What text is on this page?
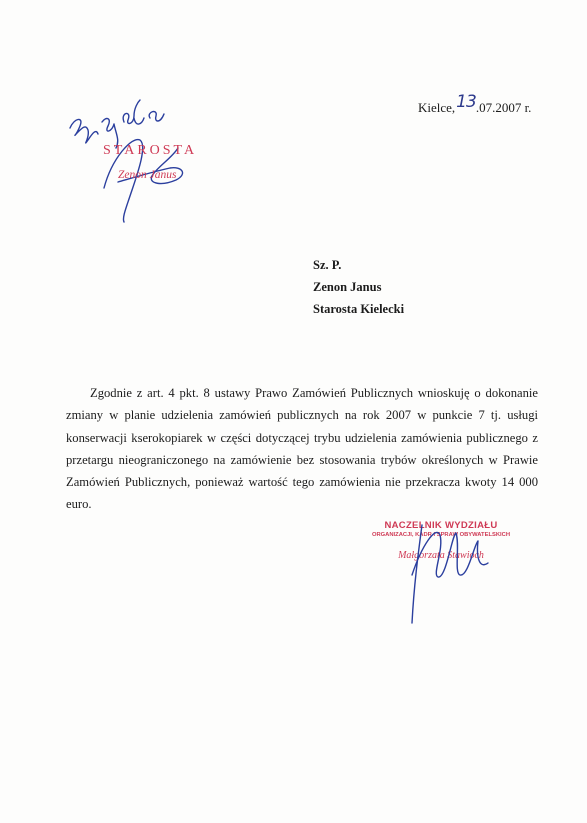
STAROSTA
Zenon Janus
Kielce,13.07.2007 r.
Sz. P.
Zenon Janus
Starosta Kielecki

Zgodnie z art. 4 pkt. 8 ustawy Prawo Zamówień Publicznych wnioskuję o dokonanie zmiany w planie udzielenia zamówień publicznych na rok 2007 w punkcie 7 tj. usługi konserwacji kserokopiarek w części dotyczącej trybu udzielenia zamówienia publicznego z przetargu nieograniczonego na zamówienie bez stosowania trybów określonych w Prawie Zamówień Publicznych, ponieważ wartość tego zamówienia nie przekracza kwoty 14 000 euro.

NACZELNIK WYDZIAŁU
ORGANIZACJI, KADR I SPRAW OBYWATELSKICH
Małgorzata Stawioch
